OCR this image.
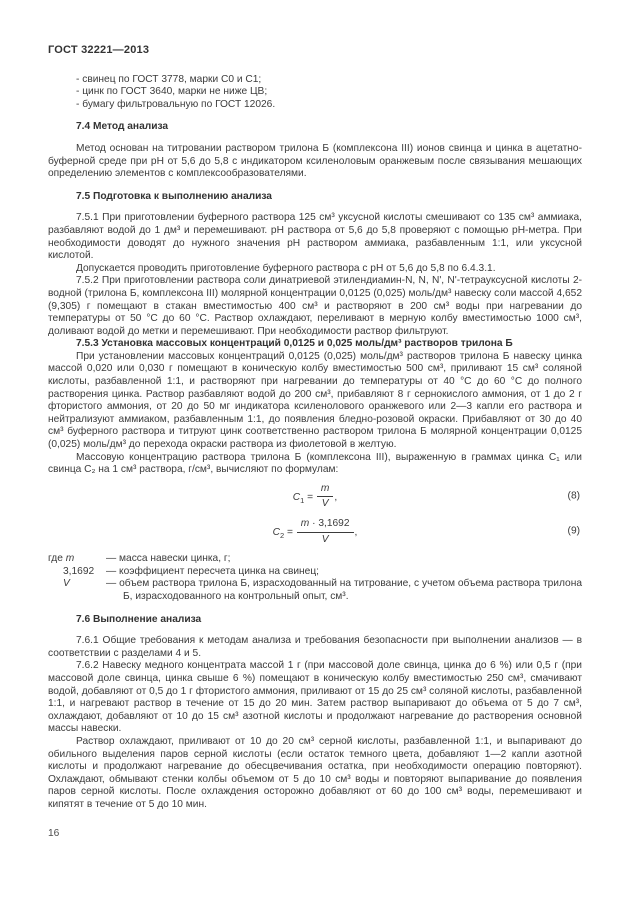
ГОСТ 32221—2013
- свинец по ГОСТ 3778, марки С0 и С1;
- цинк по ГОСТ 3640, марки не ниже ЦВ;
- бумагу фильтровальную по ГОСТ 12026.
7.4 Метод анализа

Метод основан на титровании раствором трилона Б (комплексона III) ионов свинца и цинка в ацетатно-буферной среде при pH от 5,6 до 5,8 с индикатором ксиленоловым оранжевым после связывания мешающих определению элементов с комплексообразователями.

7.5 Подготовка к выполнению анализа

7.5.1 При приготовлении буферного раствора 125 см³ уксусной кислоты смешивают со 135 см³ аммиака, разбавляют водой до 1 дм³ и перемешивают. pH раствора от 5,6 до 5,8 проверяют с помощью pH-метра. При необходимости доводят до нужного значения pH раствором аммиака, разбавленным 1:1, или уксусной кислотой.

Допускается проводить приготовление буферного раствора с pH от 5,6 до 5,8 по 6.4.3.1.

7.5.2 При приготовлении раствора соли динатриевой этилендиамин-N, N, N', N'-тетрауксусной кислоты 2-водной (трилона Б, комплексона III) молярной концентрации 0,0125 (0,025) моль/дм³ навеску соли массой 4,652 (9,305) г помещают в стакан вместимостью 400 см³ и растворяют в 200 см³ воды при нагревании до температуры от 50 °С до 60 °С. Раствор охлаждают, переливают в мерную колбу вместимостью 1000 см³, доливают водой до метки и перемешивают. При необходимости раствор фильтруют.

7.5.3 Установка массовых концентраций 0,0125 и 0,025 моль/дм³ растворов трилона Б

При установлении массовых концентраций 0,0125 (0,025) моль/дм³ растворов трилона Б навеску цинка массой 0,020 или 0,030 г помещают в коническую колбу вместимостью 500 см³, приливают 15 см³ соляной кислоты, разбавленной 1:1, и растворяют при нагревании до температуры от 40 °С до 60 °С до полного растворения цинка. Раствор разбавляют водой до 200 см³, прибавляют 8 г сернокислого аммония, от 1 до 2 г фтористого аммония, от 20 до 50 мг индикатора ксиленолового оранжевого или 2—3 капли его раствора и нейтрализуют аммиаком, разбавленным 1:1, до появления бледно-розовой окраски. Прибавляют от 30 до 40 см³ буферного раствора и титруют цинк соответственно раствором трилона Б молярной концентрации 0,0125 (0,025) моль/дм³ до перехода окраски раствора из фиолетовой в желтую.

Массовую концентрацию раствора трилона Б (комплексона III), выраженную в граммах цинка C₁ или свинца C₂ на 1 см³ раствора, г/см³, вычисляют по формулам:

$C_1 = \frac{m}{V}$ ,	(8)
$C_2 = \frac{m \cdot 3,1692}{V}$ ,	(9)
где m	— масса навески цинка, г;
3,1692	— коэффициент пересчета цинка на свинец;
V	— объем раствора трилона Б, израсходованный на титрование, с учетом объема раствора трилона Б, израсходованного на контрольный опыт, см³.
7.6 Выполнение анализа

7.6.1 Общие требования к методам анализа и требования безопасности при выполнении анализов — в соответствии с разделами 4 и 5.

7.6.2 Навеску медного концентрата массой 1 г (при массовой доле свинца, цинка до 6 %) или 0,5 г (при массовой доле свинца, цинка свыше 6 %) помещают в коническую колбу вместимостью 250 см³, смачивают водой, добавляют от 0,5 до 1 г фтористого аммония, приливают от 15 до 25 см³ соляной кислоты, разбавленной 1:1, и нагревают раствор в течение от 15 до 20 мин. Затем раствор выпаривают до объема от 5 до 7 см³, охлаждают, добавляют от 10 до 15 см³ азотной кислоты и продолжают нагревание до растворения основной массы навески.

Раствор охлаждают, приливают от 10 до 20 см³ серной кислоты, разбавленной 1:1, и выпаривают до обильного выделения паров серной кислоты (если остаток темного цвета, добавляют 1—2 капли азотной кислоты и продолжают нагревание до обесцвечивания остатка, при необходимости операцию повторяют). Охлаждают, обмывают стенки колбы объемом от 5 до 10 см³ воды и повторяют выпаривание до появления паров серной кислоты. После охлаждения осторожно добавляют от 60 до 100 см³ воды, перемешивают и кипятят в течение от 5 до 10 мин.

16
